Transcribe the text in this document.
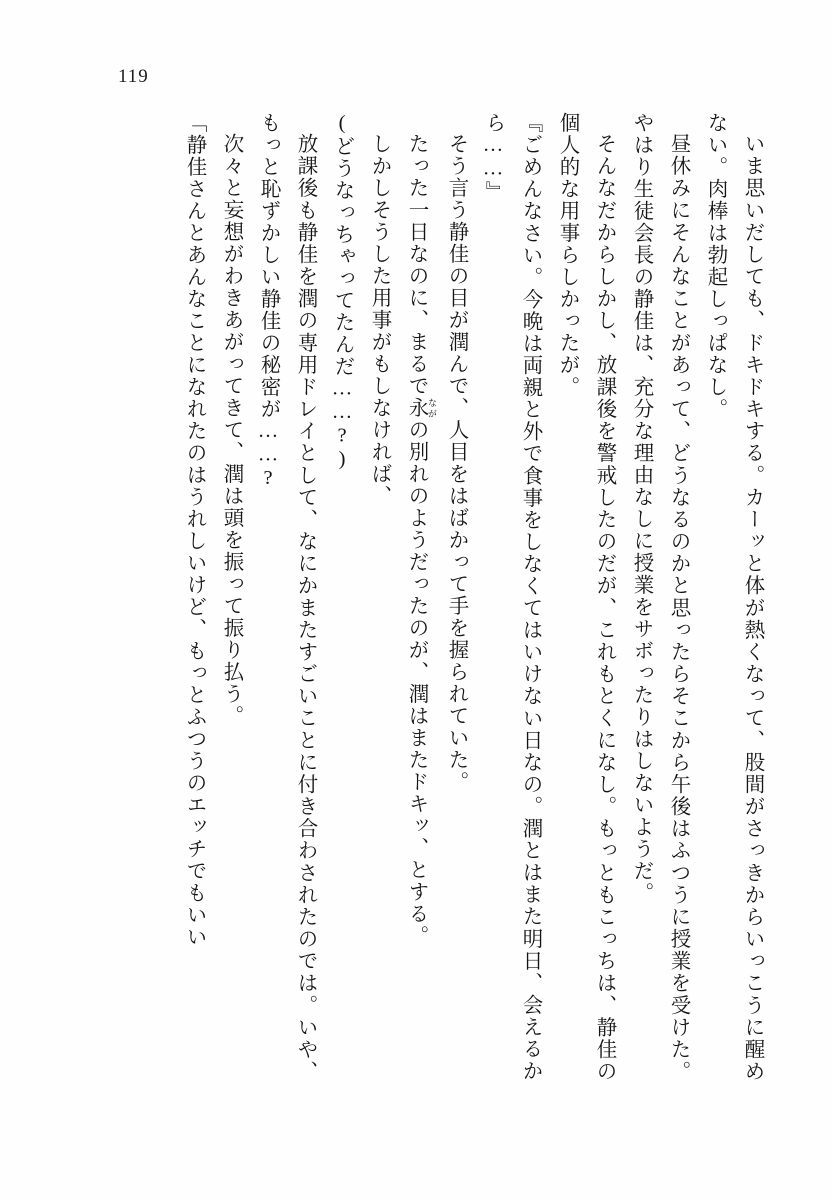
119

いま思いだしても、ドキドキする。カーッと体が熱くなって、股間がさっきからいっこうに醒めない。肉棒は勃起しっぱなし。

昼休みにそんなことがあって、どうなるのかと思ったらそこから午後はふつうに授業を受けた。やはり生徒会長の静佳は、充分な理由なしに授業をサボったりはしないようだ。

そんなだからしかし、放課後を警戒したのだが、これもとくになし。もっともこっちは、静佳の個人的な用事らしかったが。

『ごめんなさい。今晩は両親と外で食事をしなくてはいけない日なの。潤とはまた明日、会えるから……』

そう言う静佳の目が潤んで、人目をはばかって手を握られていた。

たった一日なのに、まるで永 ながの別れのようだったのが、潤はまたドキッ、とする。

しかしそうした用事がもしなければ、

(どうなっちゃってたんだ……?)

放課後も静佳を潤の専用ドレイとして、なにかまたすごいことに付き合わされたのでは。いや、もっと恥ずかしい静佳の秘密が……?

次々と妄想がわきあがってきて、潤は頭を振って振り払う。

「静佳さんとあんなことになれたのはうれしいけど、もっとふつうのエッチでもいい
